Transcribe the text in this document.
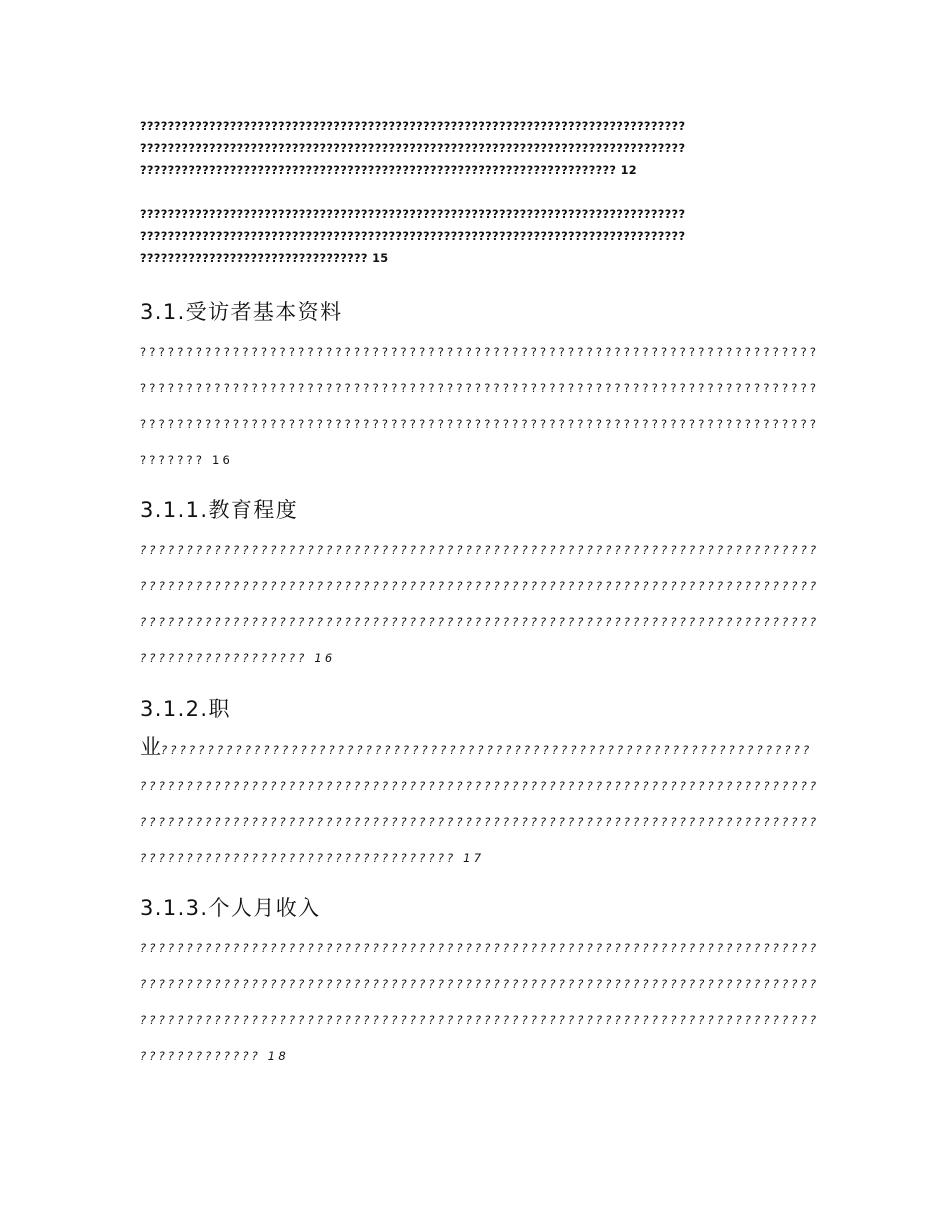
???????????????????????????????????????????????????????????????????????????????
???????????????????????????????????????????????????????????????????????????????
????????????????????????????????????????????????????????????????????? 12
???????????????????????????????????????????????????????????????????????????????
???????????????????????????????????????????????????????????????????????????????
????????????????????????????????? 15
3.1.受访者基本资料
?????????????????????????????????????????????????????????????????????????
?????????????????????????????????????????????????????????????????????????
?????????????????????????????????????????????????????????????????????????
??????? 16
3.1.1.教育程度
?????????????????????????????????????????????????????????????????????????
?????????????????????????????????????????????????????????????????????????
?????????????????????????????????????????????????????????????????????????
?????????????????? 16
3.1.2.职
业??????????????????????????????????????????????????????????????????????
?????????????????????????????????????????????????????????????????????????
?????????????????????????????????????????????????????????????????????????
?????????????????????????????????? 17
3.1.3.个人月收入
?????????????????????????????????????????????????????????????????????????
?????????????????????????????????????????????????????????????????????????
?????????????????????????????????????????????????????????????????????????
????????????? 18
